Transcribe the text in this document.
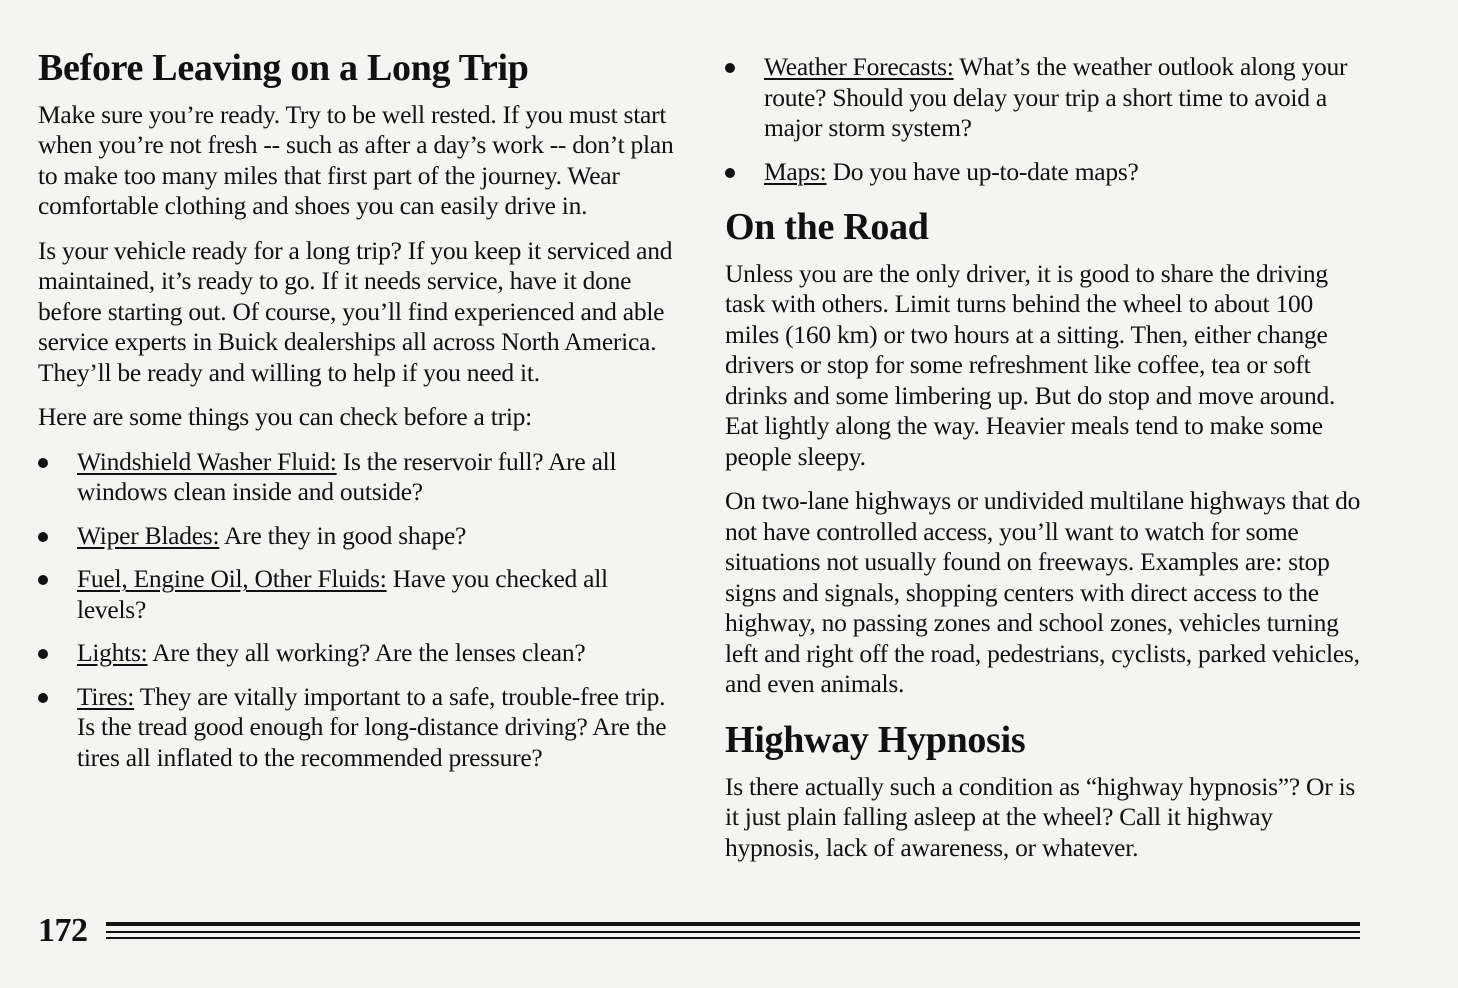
Before Leaving on a Long Trip

Make sure you’re ready. Try to be well rested. If you must start when you’re not fresh -- such as after a day’s work -- don’t plan to make too many miles that first part of the journey. Wear comfortable clothing and shoes you can easily drive in.

Is your vehicle ready for a long trip? If you keep it serviced and maintained, it’s ready to go. If it needs service, have it done before starting out. Of course, you’ll find experienced and able service experts in Buick dealerships all across North America. They’ll be ready and willing to help if you need it.

Here are some things you can check before a trip:

Windshield Washer Fluid: Is the reservoir full? Are all windows clean inside and outside?
Wiper Blades: Are they in good shape?
Fuel, Engine Oil, Other Fluids: Have you checked all levels?
Lights: Are they all working? Are the lenses clean?
Tires: They are vitally important to a safe, trouble-free trip. Is the tread good enough for long-distance driving? Are the tires all inflated to the recommended pressure?
Weather Forecasts: What’s the weather outlook along your route? Should you delay your trip a short time to avoid a major storm system?
Maps: Do you have up-to-date maps?
On the Road

Unless you are the only driver, it is good to share the driving task with others. Limit turns behind the wheel to about 100 miles (160 km) or two hours at a sitting. Then, either change drivers or stop for some refreshment like coffee, tea or soft drinks and some limbering up. But do stop and move around. Eat lightly along the way. Heavier meals tend to make some people sleepy.

On two-lane highways or undivided multilane highways that do not have controlled access, you’ll want to watch for some situations not usually found on freeways. Examples are: stop signs and signals, shopping centers with direct access to the highway, no passing zones and school zones, vehicles turning left and right off the road, pedestrians, cyclists, parked vehicles, and even animals.

Highway Hypnosis

Is there actually such a condition as “highway hypnosis”? Or is it just plain falling asleep at the wheel? Call it highway hypnosis, lack of awareness, or whatever.

172
